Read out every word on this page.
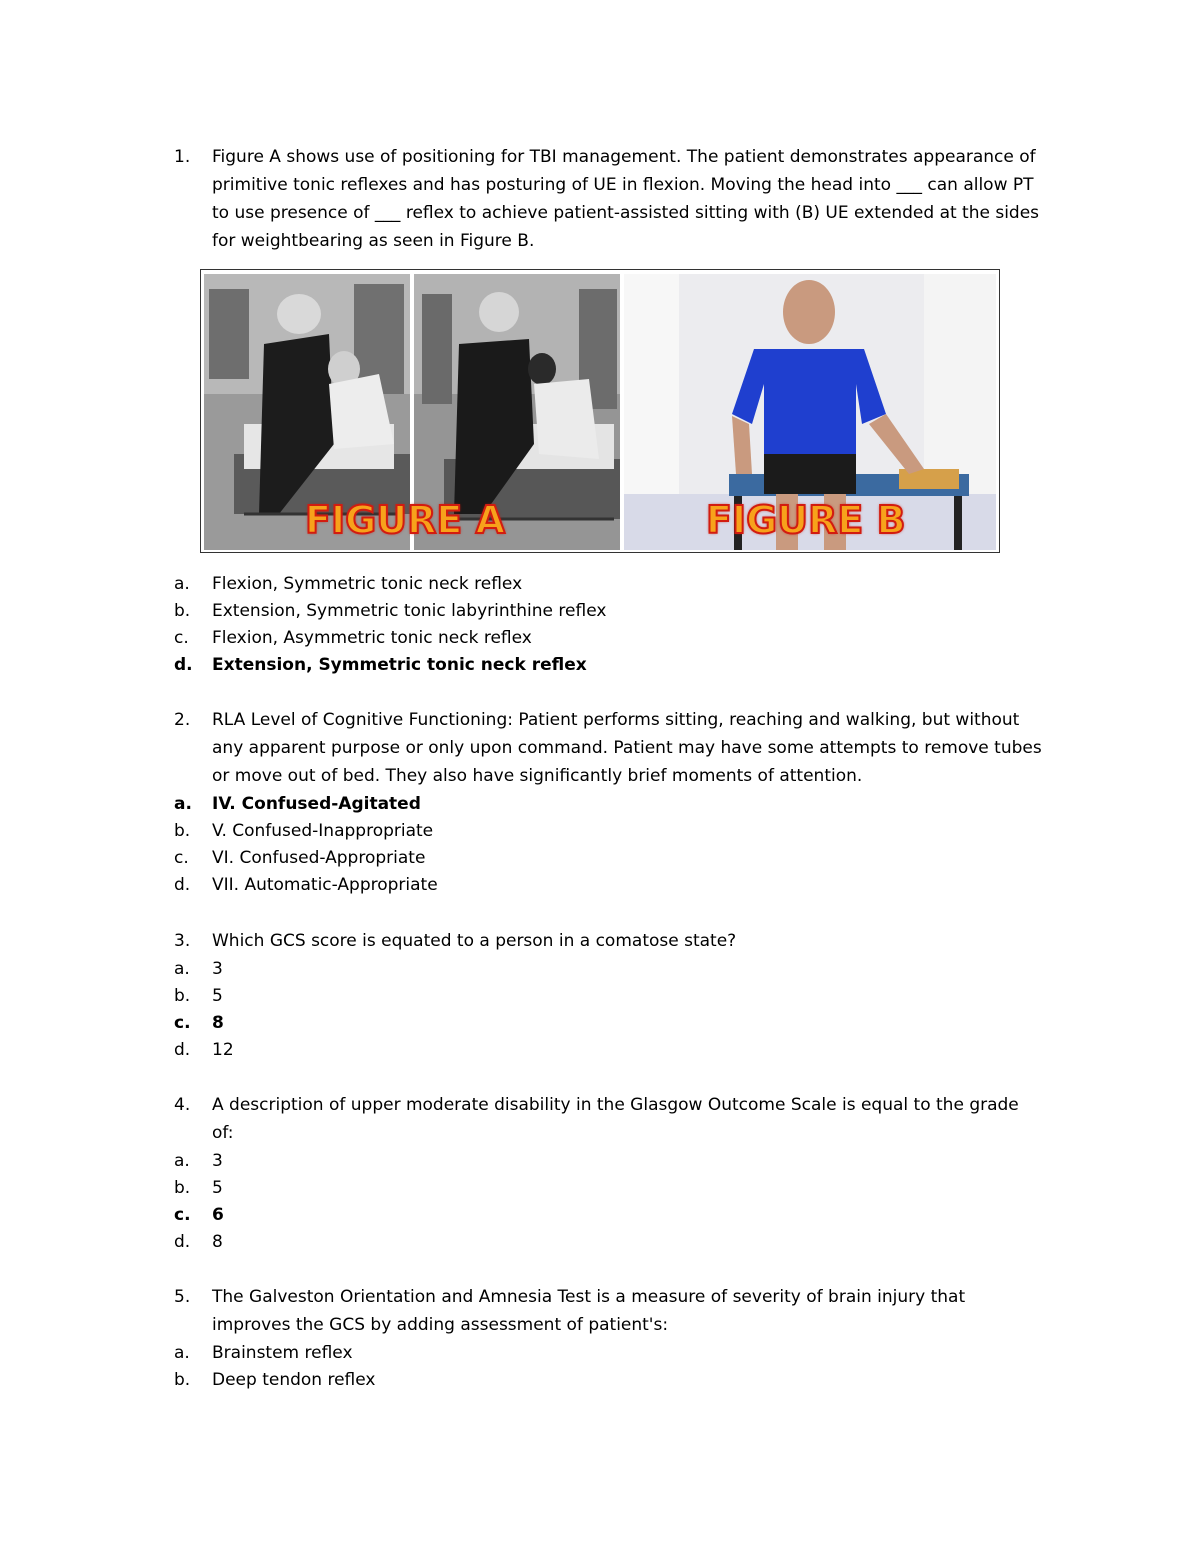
1.	Figure A shows use of positioning for TBI management. The patient demonstrates appearance of
primitive tonic reflexes and has posturing of UE in flexion. Moving the head into ___ can allow PT
to use presence of ___ reflex to achieve patient-assisted sitting with (B) UE extended at the sides
for weightbearing as seen in Figure B.
FIGURE A	FIGURE B
a.	Flexion, Symmetric tonic neck reflex
b.	Extension, Symmetric tonic labyrinthine reflex
c.	Flexion, Asymmetric tonic neck reflex
d.	Extension, Symmetric tonic neck reflex
2.	RLA Level of Cognitive Functioning: Patient performs sitting, reaching and walking, but without
any apparent purpose or only upon command. Patient may have some attempts to remove tubes
or move out of bed. They also have significantly brief moments of attention.
a.	IV. Confused-Agitated
b.	V. Confused-Inappropriate
c.	VI. Confused-Appropriate
d.	VII. Automatic-Appropriate
3.	Which GCS score is equated to a person in a comatose state?
a.	3
b.	5
c.	8
d.	12
4.	A description of upper moderate disability in the Glasgow Outcome Scale is equal to the grade
of:
a.	3
b.	5
c.	6
d.	8
5.	The Galveston Orientation and Amnesia Test is a measure of severity of brain injury that
improves the GCS by adding assessment of patient's:
a.	Brainstem reflex
b.	Deep tendon reflex
